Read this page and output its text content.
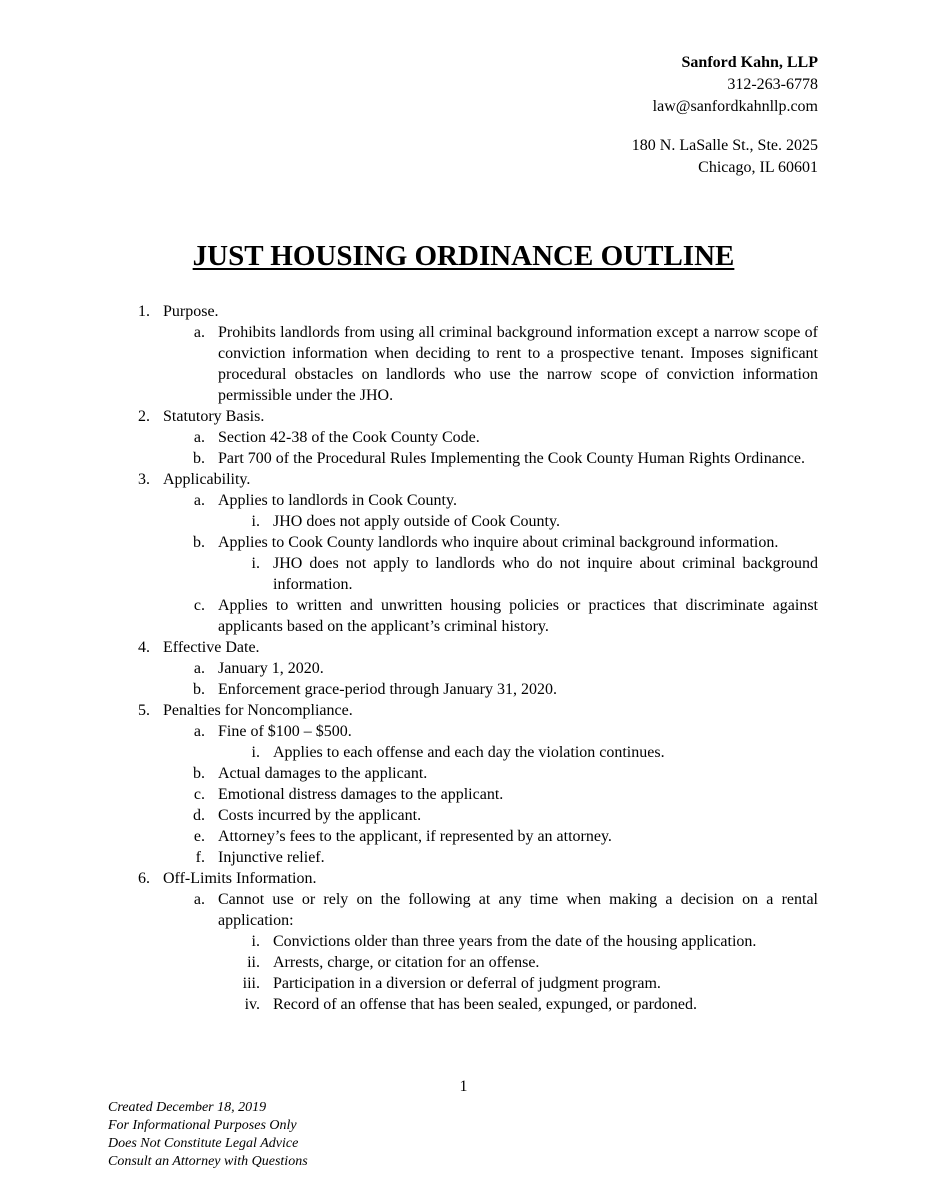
Sanford Kahn, LLP
312-263-6778
law@sanfordkahnllp.com
180 N. LaSalle St., Ste. 2025
Chicago, IL 60601
JUST HOUSING ORDINANCE OUTLINE
1. Purpose.
a. Prohibits landlords from using all criminal background information except a narrow scope of conviction information when deciding to rent to a prospective tenant. Imposes significant procedural obstacles on landlords who use the narrow scope of conviction information permissible under the JHO.
2. Statutory Basis.
a. Section 42-38 of the Cook County Code.
b. Part 700 of the Procedural Rules Implementing the Cook County Human Rights Ordinance.
3. Applicability.
a. Applies to landlords in Cook County.
i. JHO does not apply outside of Cook County.
b. Applies to Cook County landlords who inquire about criminal background information.
i. JHO does not apply to landlords who do not inquire about criminal background information.
c. Applies to written and unwritten housing policies or practices that discriminate against applicants based on the applicant’s criminal history.
4. Effective Date.
a. January 1, 2020.
b. Enforcement grace-period through January 31, 2020.
5. Penalties for Noncompliance.
a. Fine of $100 – $500.
i. Applies to each offense and each day the violation continues.
b. Actual damages to the applicant.
c. Emotional distress damages to the applicant.
d. Costs incurred by the applicant.
e. Attorney’s fees to the applicant, if represented by an attorney.
f. Injunctive relief.
6. Off-Limits Information.
a. Cannot use or rely on the following at any time when making a decision on a rental application:
i. Convictions older than three years from the date of the housing application.
ii. Arrests, charge, or citation for an offense.
iii. Participation in a diversion or deferral of judgment program.
iv. Record of an offense that has been sealed, expunged, or pardoned.
1
Created December 18, 2019
For Informational Purposes Only
Does Not Constitute Legal Advice
Consult an Attorney with Questions
